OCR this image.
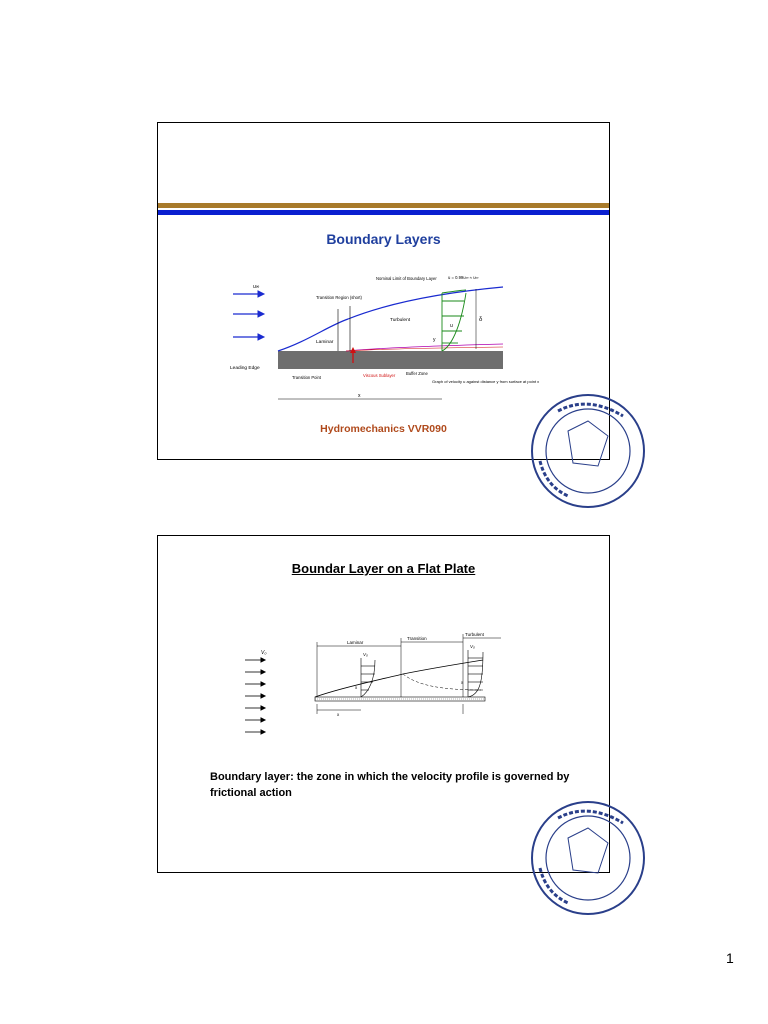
Boundary Layers
u∞
δ
u
y
x
Nominal Limit of Boundary Layer	u = 0.99u∞ ≈ u∞
Transition Region (short)
Turbulent
Laminar
Leading Edge
Transition Point	Viscous Sublayer	Buffer Zone
Graph of velocity u against distance y from surface at point x
Hydromechanics VVR090
Boundar Layer on a Flat Plate
V₀
Laminar
Transition
Turbulent
V₀
δ
V₀
δ
x
Boundary layer: the zone in which the velocity profile is governed by frictional action
1
